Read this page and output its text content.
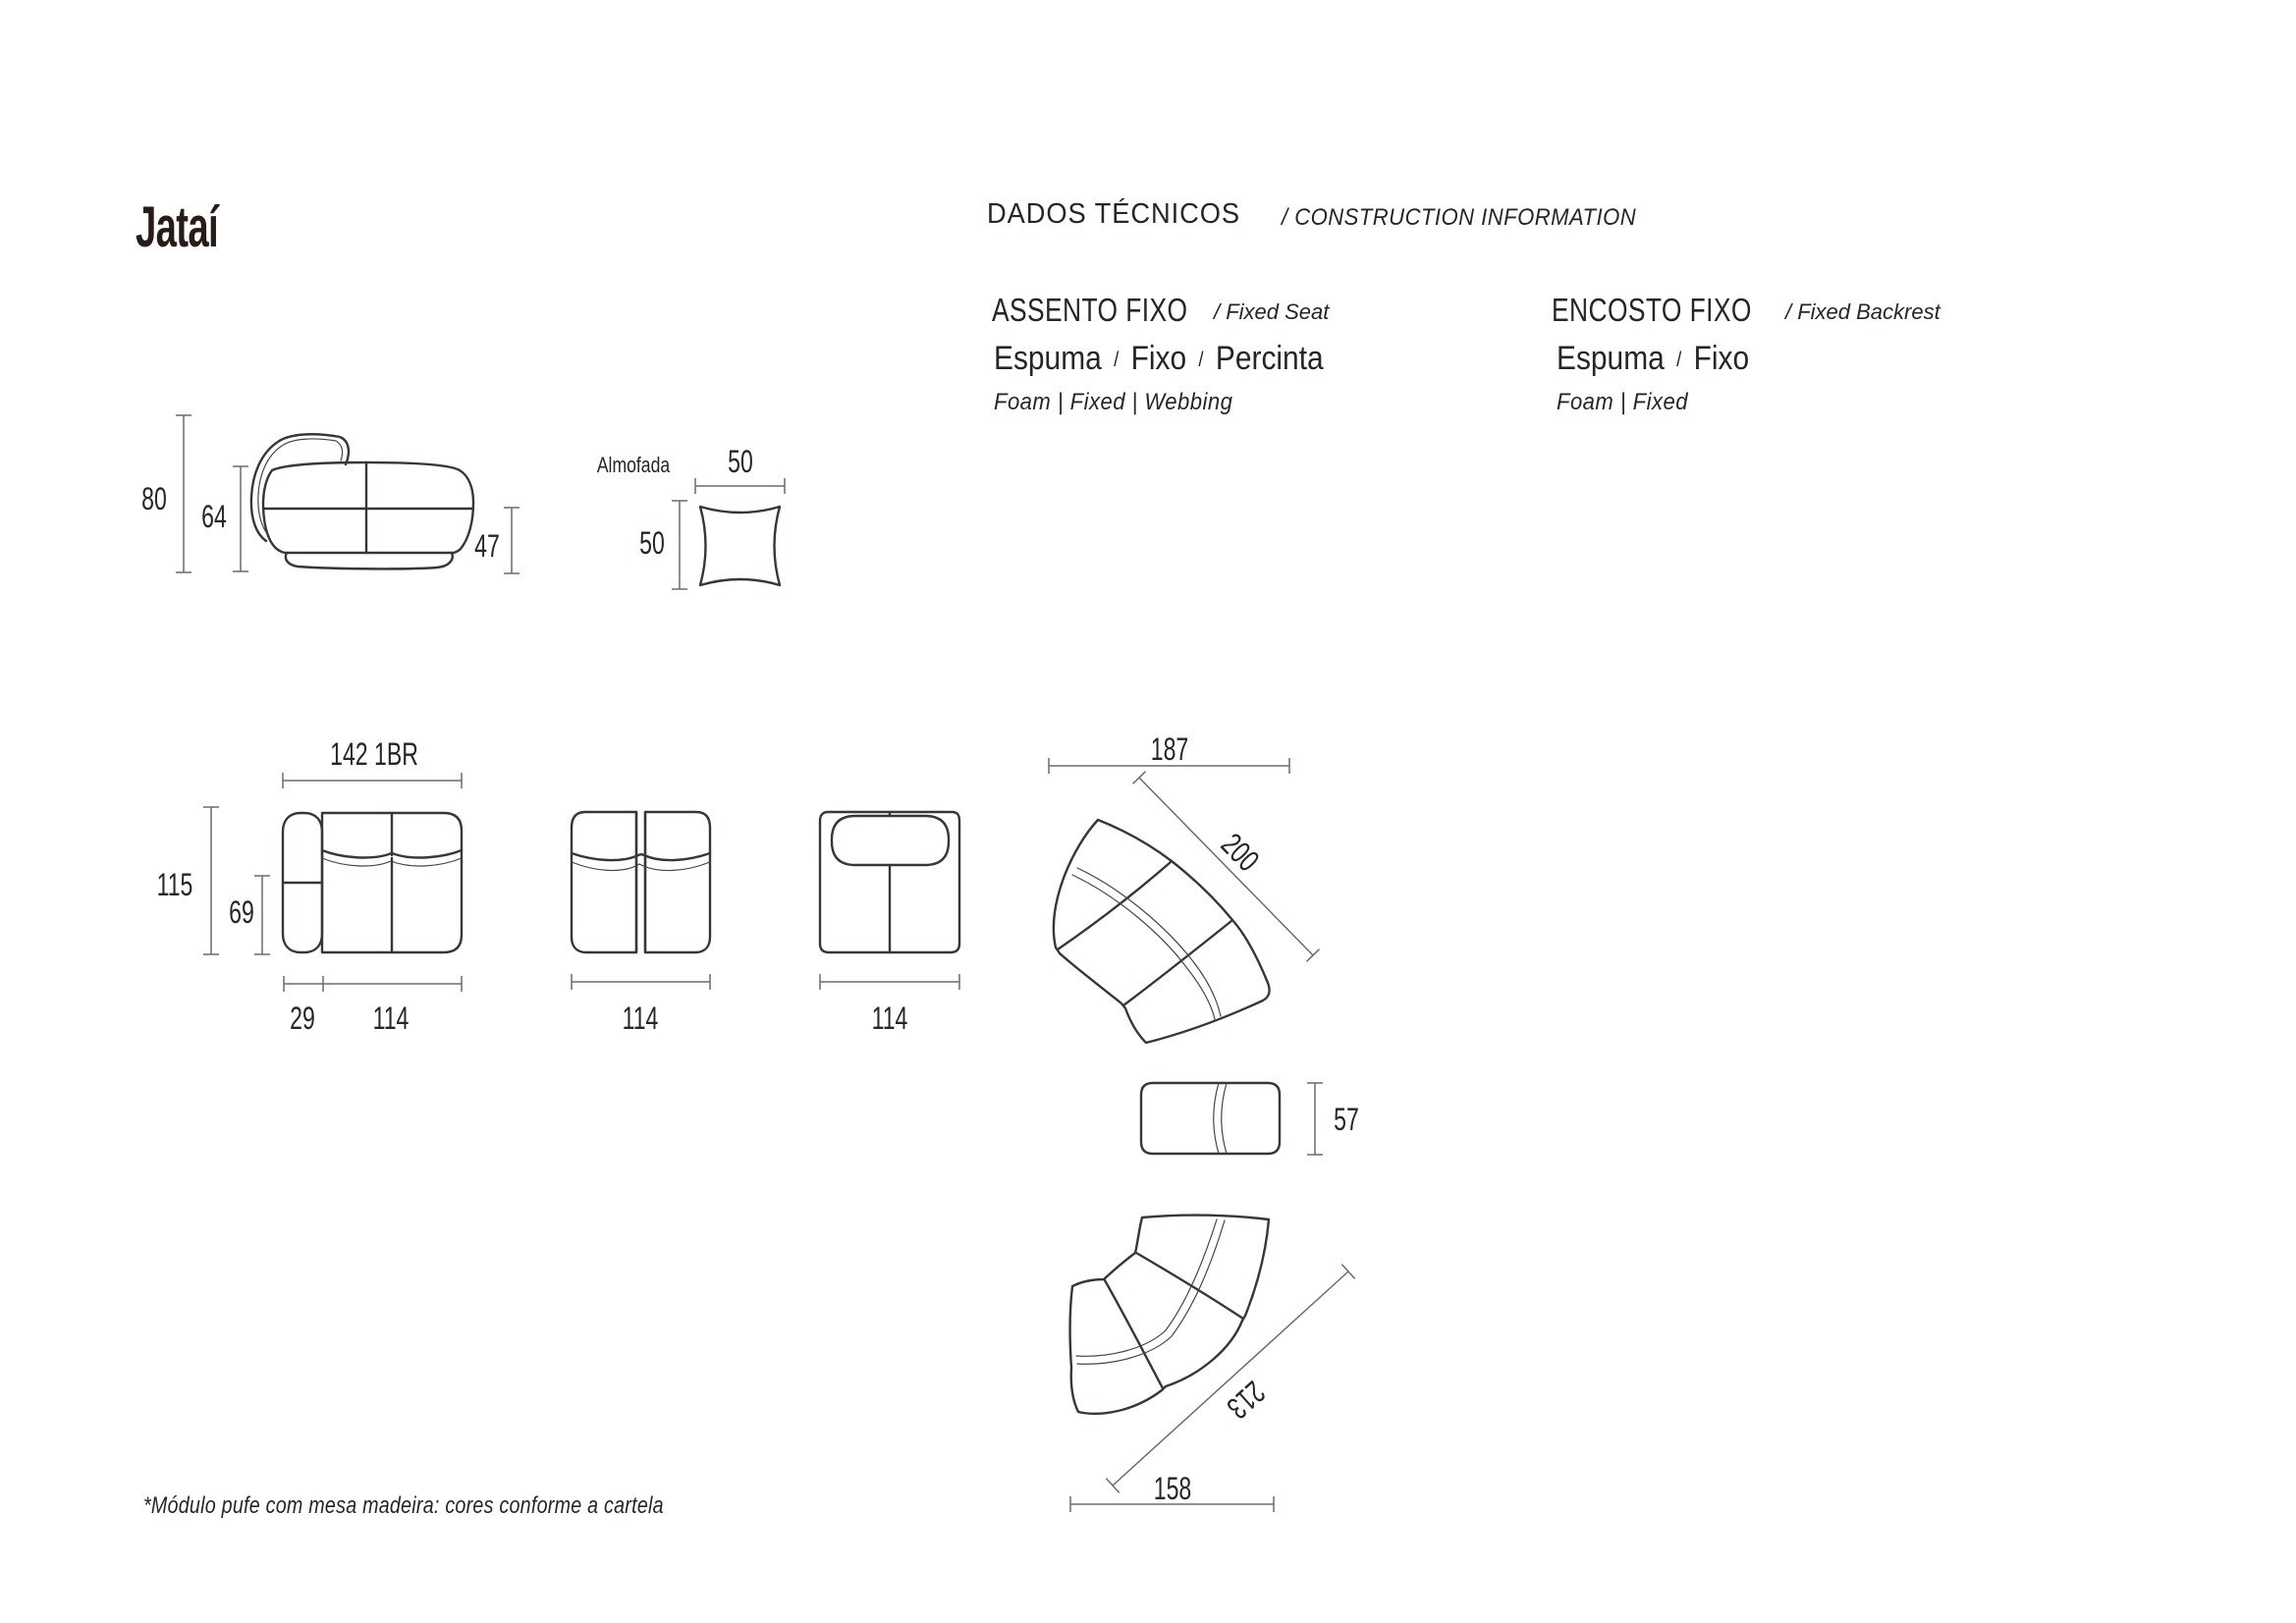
Jataí	DADOS TÉCNICOS / CONSTRUCTION INFORMATION
ASSENTO FIXO / Fixed Seat
Espuma / Fixo / Percinta
Foam | Fixed | Webbing
ENCOSTO FIXO / Fixed Backrest
Espuma / Fixo
Foam | Fixed
80 64
47
Almofada 50
50
142 1BR
115
69
29 114	114	114
187
200
57
213
158
*Módulo pufe com mesa madeira: cores conforme a cartela
